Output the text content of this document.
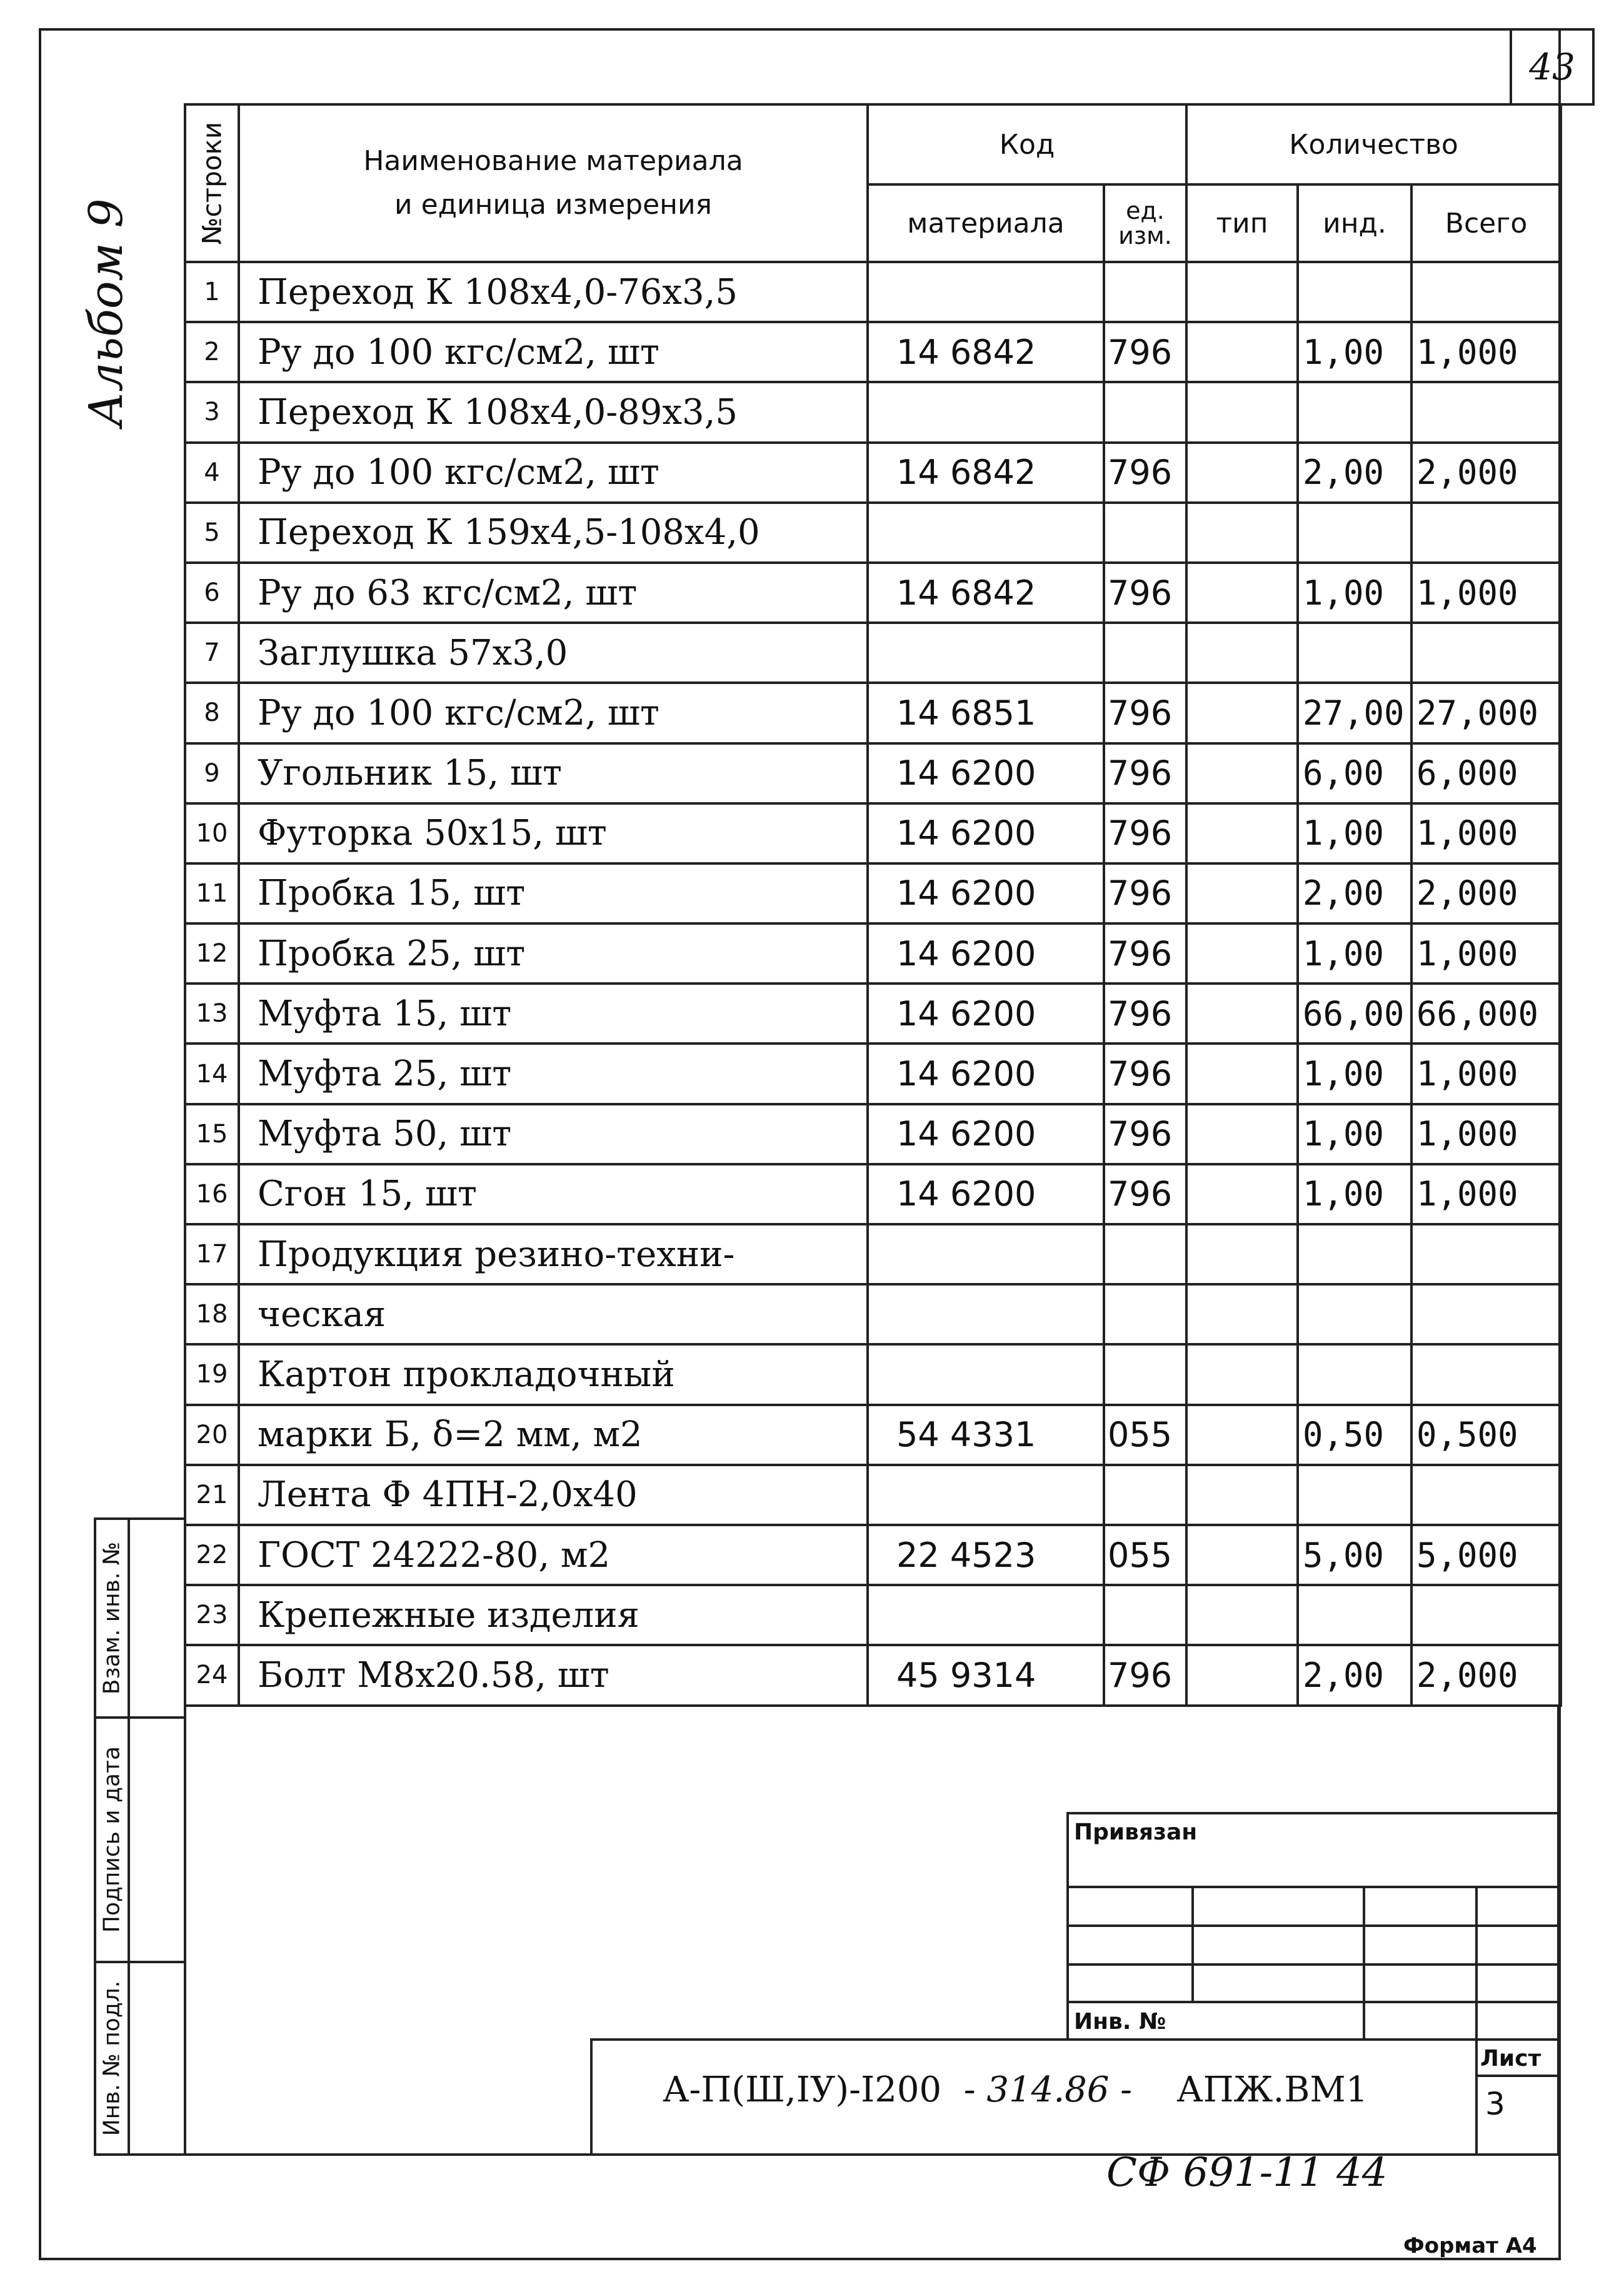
43
Альбом 9
№строки	Наименование материала
и единица измерения	Код		Количество		
		материала	ед. изм.	тип	инд.	Всего
1	Переход К 108x4,0-76x3,5					
2	Ру до 100 кгс/см2, шт	14 6842	796		1,00	1,000
3	Переход К 108x4,0-89x3,5					
4	Ру до 100 кгс/см2, шт	14 6842	796		2,00	2,000
5	Переход К 159x4,5-108x4,0					
6	Ру до 63 кгс/см2, шт	14 6842	796		1,00	1,000
7	Заглушка 57x3,0					
8	Ру до 100 кгс/см2, шт	14 6851	796		27,00	27,000
9	Угольник 15, шт	14 6200	796		6,00	6,000
10	Футорка 50x15, шт	14 6200	796		1,00	1,000
11	Пробка 15, шт	14 6200	796		2,00	2,000
12	Пробка 25, шт	14 6200	796		1,00	1,000
13	Муфта 15, шт	14 6200	796		66,00	66,000
14	Муфта 25, шт	14 6200	796		1,00	1,000
15	Муфта 50, шт	14 6200	796		1,00	1,000
16	Сгон 15, шт	14 6200	796		1,00	1,000
17	Продукция резино-техни-					
18	ческая					
19	Картон прокладочный					
20	марки Б, δ=2 мм, м2	54 4331	055		0,50	0,500
21	Лента Ф 4ПН-2,0x40					
22	ГОСТ 24222-80, м2	22 4523	055		5,00	5,000
23	Крепежные изделия					
24	Болт М8x20.58, шт	45 9314	796		2,00	2,000
Взам. инв. №
Подпись и дата
Инв. № подл.
Привязан
Инв. №
Лист
3
А-П(Ш,IУ)-I200 - 314.86 - АПЖ.ВМ1
СФ 691-11 44
Формат А4
